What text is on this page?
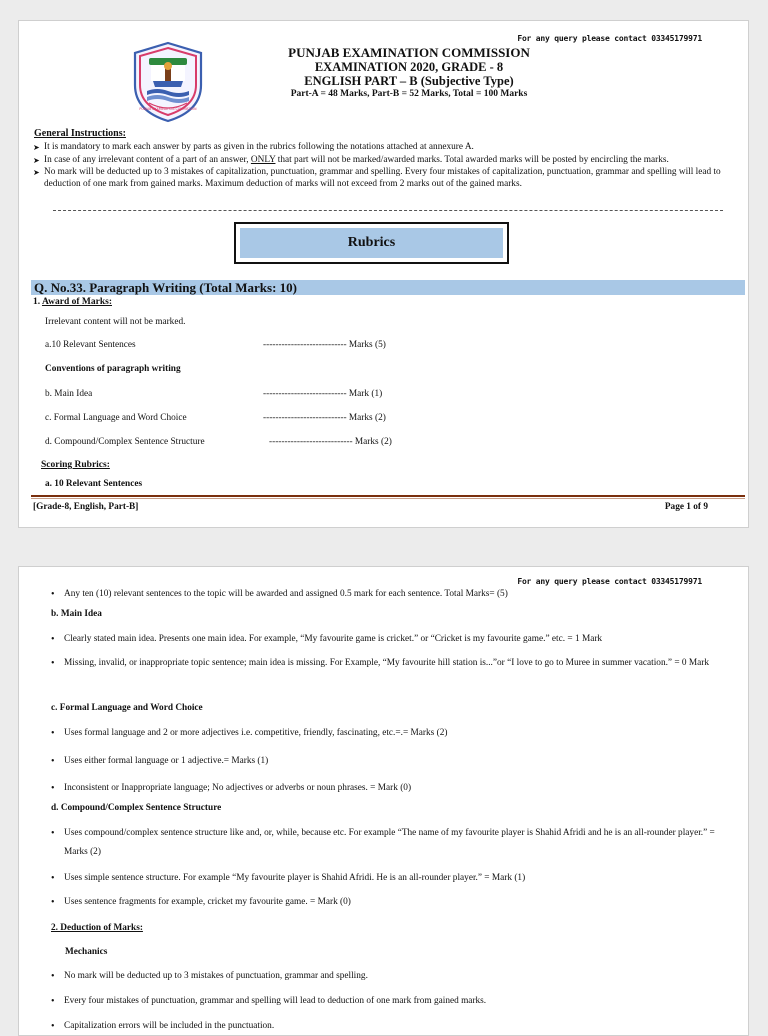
For any query please contact 03345179971
PUNJAB EXAMINATION COMMISSION
PUNJAB EXAMINATION COMMISSION
EXAMINATION 2020, GRADE - 8
ENGLISH PART – B (Subjective Type)
Part-A = 48 Marks, Part-B = 52 Marks, Total = 100 Marks
General Instructions:
➤ It is mandatory to mark each answer by parts as given in the rubrics following the notations attached at annexure A.
➤ In case of any irrelevant content of a part of an answer, ONLY that part will not be marked/awarded marks. Total awarded marks will be posted by encircling the marks.
➤ No mark will be deducted up to 3 mistakes of capitalization, punctuation, grammar and spelling. Every four mistakes of capitalization, punctuation, grammar and spelling will lead to deduction of one mark from gained marks. Maximum deduction of marks will not exceed from 2 marks out of the gained marks.
Rubrics
Q. No.33. Paragraph Writing (Total Marks: 10)
1. Award of Marks:
Irrelevant content will not be marked.
a.10 Relevant Sentences	--------------------------- Marks (5)
Conventions of paragraph writing
b. Main Idea	--------------------------- Mark (1)
c. Formal Language and Word Choice	--------------------------- Marks (2)
d. Compound/Complex Sentence Structure	--------------------------- Marks (2)
Scoring Rubrics:
a. 10 Relevant Sentences
[Grade-8, English, Part-B]	Page 1 of 9
For any query please contact 03345179971
• Any ten (10) relevant sentences to the topic will be awarded and assigned 0.5 mark for each sentence. Total Marks= (5)
b. Main Idea
• Clearly stated main idea. Presents one main idea. For example, “My favourite game is cricket.” or “Cricket is my favourite game.” etc. = 1 Mark
• Missing, invalid, or inappropriate topic sentence; main idea is missing. For Example, “My favourite hill station is...”or “I love to go to Muree in summer vacation.” = 0 Mark
c. Formal Language and Word Choice
• Uses formal language and 2 or more adjectives i.e. competitive, friendly, fascinating, etc.=.= Marks (2)
• Uses either formal language or 1 adjective.= Marks (1)
• Inconsistent or Inappropriate language; No adjectives or adverbs or noun phrases. = Mark (0)
d. Compound/Complex Sentence Structure
• Uses compound/complex sentence structure like and, or, while, because etc. For example “The name of my favourite player is Shahid Afridi and he is an all-rounder player.” = Marks (2)
• Uses simple sentence structure. For example “My favourite player is Shahid Afridi. He is an all-rounder player.” = Mark (1)
• Uses sentence fragments for example, cricket my favourite game. = Mark (0)
2. Deduction of Marks:
Mechanics
• No mark will be deducted up to 3 mistakes of punctuation, grammar and spelling.
• Every four mistakes of punctuation, grammar and spelling will lead to deduction of one mark from gained marks.
• Capitalization errors will be included in the punctuation.
